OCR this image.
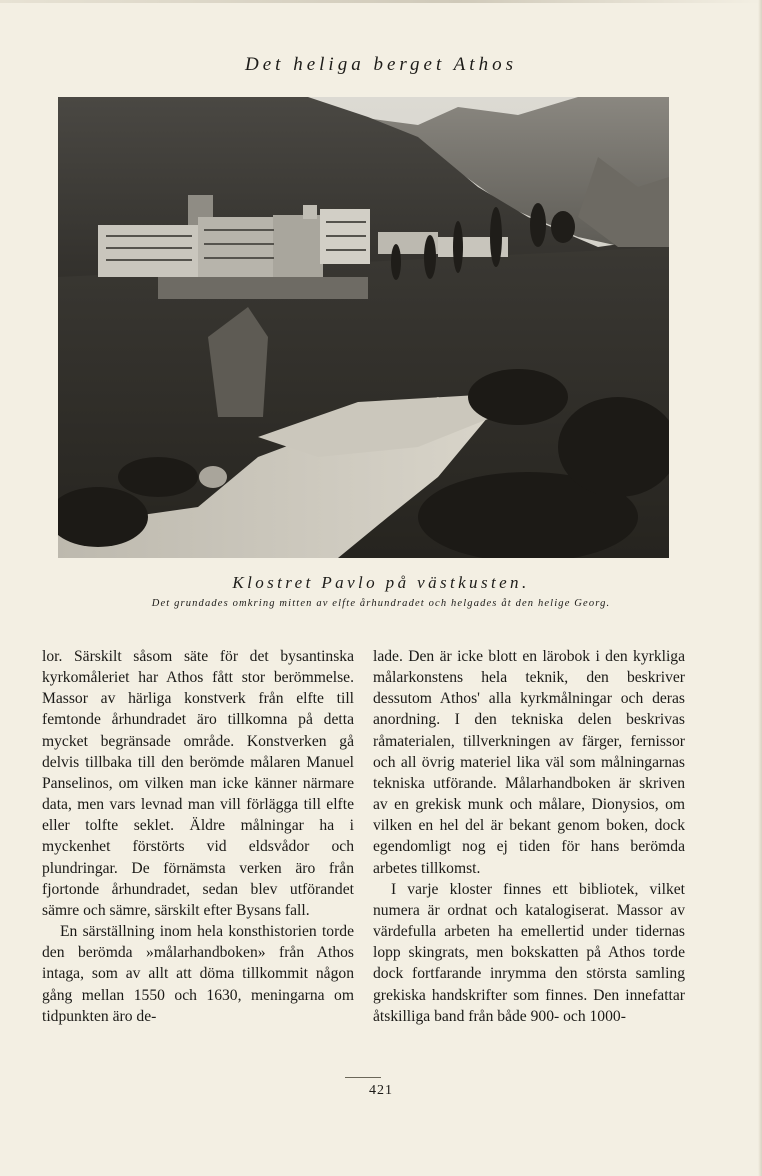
Det heliga berget Athos
Klostret Pavlo på västkusten.
Det grundades omkring mitten av elfte århundradet och helgades åt den helige Georg.

lor. Särskilt såsom säte för det bysantinska kyrkomåleriet har Athos fått stor berömmelse. Massor av härliga konstverk från elfte till femtonde århundradet äro tillkomna på detta mycket begränsade område. Konstverken gå delvis tillbaka till den berömde målaren Manuel Panselinos, om vilken man icke känner närmare data, men vars levnad man vill förlägga till elfte eller tolfte seklet. Äldre målningar ha i myckenhet förstörts vid eldsvådor och plundringar. De förnämsta verken äro från fjortonde århundradet, sedan blev utförandet sämre och sämre, särskilt efter Bysans fall.

En särställning inom hela konsthistorien torde den berömda »målarhandboken» från Athos intaga, som av allt att döma tillkommit någon gång mellan 1550 och 1630, meningarna om tidpunkten äro de-

lade. Den är icke blott en lärobok i den kyrkliga målarkonstens hela teknik, den beskriver dessutom Athos' alla kyrkmålningar och deras anordning. I den tekniska delen beskrivas råmaterialen, tillverkningen av färger, fernissor och all övrig materiel lika väl som målningarnas tekniska utförande. Målarhandboken är skriven av en grekisk munk och målare, Dionysios, om vilken en hel del är bekant genom boken, dock egendomligt nog ej tiden för hans berömda arbetes tillkomst.

I varje kloster finnes ett bibliotek, vilket numera är ordnat och katalogiserat. Massor av värdefulla arbeten ha emellertid under tidernas lopp skingrats, men bokskatten på Athos torde dock fortfarande inrymma den största samling grekiska handskrifter som finnes. Den innefattar åtskilliga band från både 900- och 1000-

421
